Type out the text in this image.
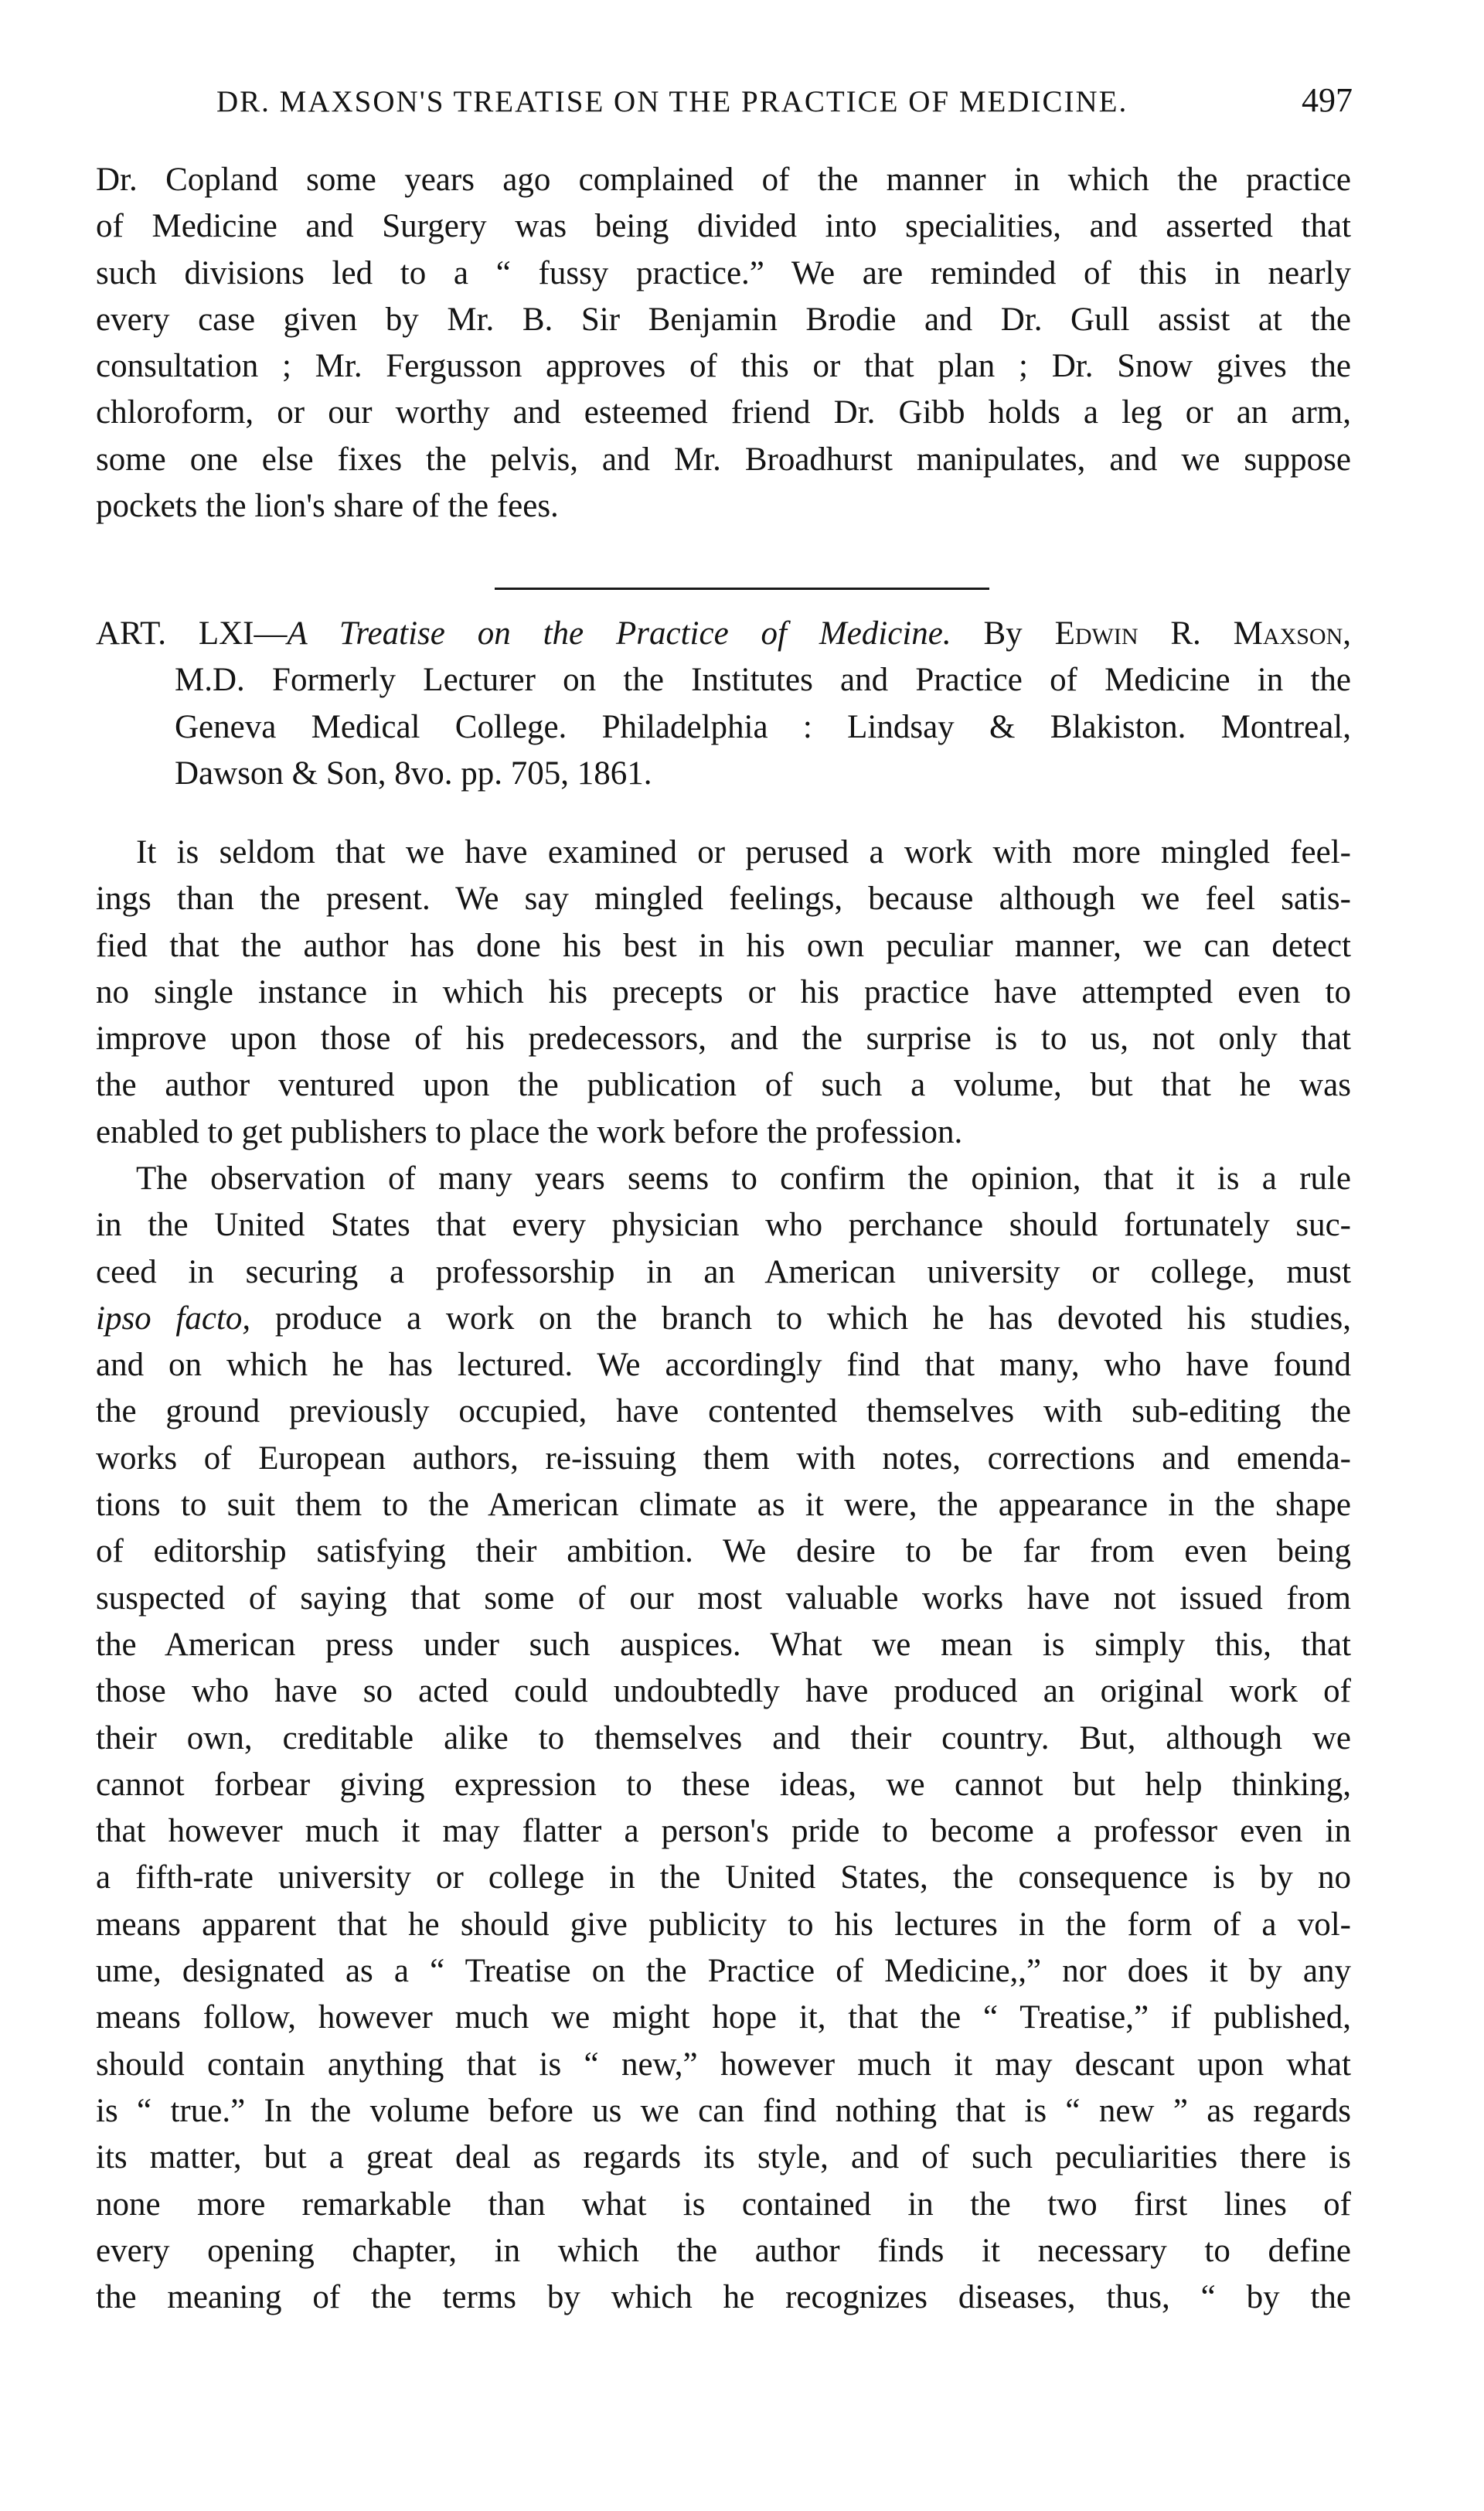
DR. MAXSON'S TREATISE ON THE PRACTICE OF MEDICINE.	497
Dr. Copland some years ago complained of the manner in which the practice
of Medicine and Surgery was being divided into specialities, and asserted that
such divisions led to a “ fussy practice.” We are reminded of this in nearly
every case given by Mr. B. Sir Benjamin Brodie and Dr. Gull assist at the
consultation ; Mr. Fergusson approves of this or that plan ; Dr. Snow gives the
chloroform, or our worthy and esteemed friend Dr. Gibb holds a leg or an arm,
some one else fixes the pelvis, and Mr. Broadhurst manipulates, and we suppose
pockets the lion's share of the fees.
ART. LXI—A Treatise on the Practice of Medicine. By Edwin R. Maxson,
M.D. Formerly Lecturer on the Institutes and Practice of Medicine in the
Geneva Medical College. Philadelphia : Lindsay & Blakiston. Montreal,
Dawson & Son, 8vo. pp. 705, 1861.
It is seldom that we have examined or perused a work with more mingled feel-
ings than the present. We say mingled feelings, because although we feel satis-
fied that the author has done his best in his own peculiar manner, we can detect
no single instance in which his precepts or his practice have attempted even to
improve upon those of his predecessors, and the surprise is to us, not only that
the author ventured upon the publication of such a volume, but that he was
enabled to get publishers to place the work before the profession.
The observation of many years seems to confirm the opinion, that it is a rule
in the United States that every physician who perchance should fortunately suc-
ceed in securing a professorship in an American university or college, must
ipso facto, produce a work on the branch to which he has devoted his studies,
and on which he has lectured. We accordingly find that many, who have found
the ground previously occupied, have contented themselves with sub-editing the
works of European authors, re-issuing them with notes, corrections and emenda-
tions to suit them to the American climate as it were, the appearance in the shape
of editorship satisfying their ambition. We desire to be far from even being
suspected of saying that some of our most valuable works have not issued from
the American press under such auspices. What we mean is simply this, that
those who have so acted could undoubtedly have produced an original work of
their own, creditable alike to themselves and their country. But, although we
cannot forbear giving expression to these ideas, we cannot but help thinking,
that however much it may flatter a person's pride to become a professor even in
a fifth-rate university or college in the United States, the consequence is by no
means apparent that he should give publicity to his lectures in the form of a vol-
ume, designated as a “ Treatise on the Practice of Medicine,,” nor does it by any
means follow, however much we might hope it, that the “ Treatise,” if published,
should contain anything that is “ new,” however much it may descant upon what
is “ true.” In the volume before us we can find nothing that is “ new ” as regards
its matter, but a great deal as regards its style, and of such peculiarities there is
none more remarkable than what is contained in the two first lines of
every opening chapter, in which the author finds it necessary to define
the meaning of the terms by which he recognizes diseases, thus, “ by the
